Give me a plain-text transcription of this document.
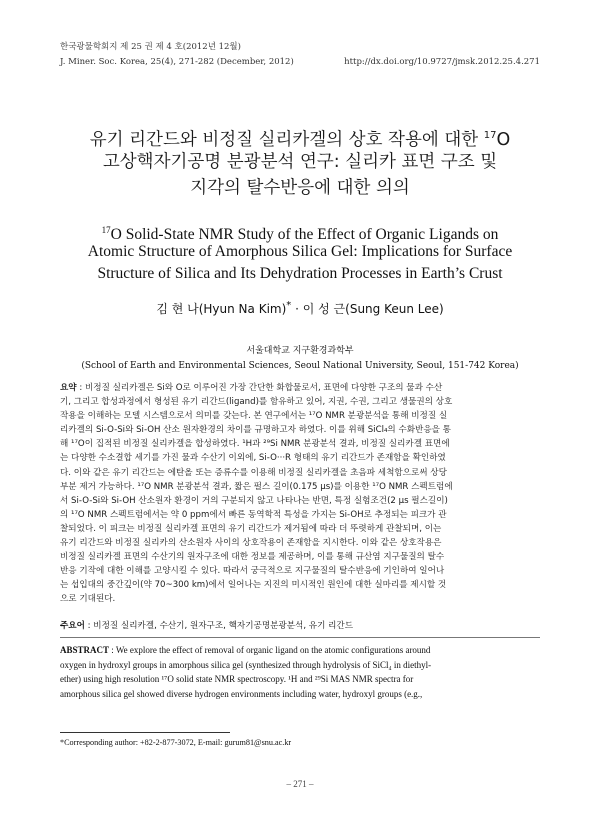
한국광물학회지 제 25 권 제 4 호(2012년 12월)
J. Miner. Soc. Korea, 25(4), 271-282 (December, 2012)	http://dx.doi.org/10.9727/jmsk.2012.25.4.271
유기 리간드와 비정질 실리카겔의 상호 작용에 대한 $^{17}$O
고상핵자기공명 분광분석 연구: 실리카 표면 구조 및
지각의 탈수반응에 대한 의의
$^{17}$O Solid-State NMR Study of the Effect of Organic Ligands on
Atomic Structure of Amorphous Silica Gel: Implications for Surface
Structure of Silica and Its Dehydration Processes in Earth’s Crust
김 현 나(Hyun Na Kim)* · 이 성 근(Sung Keun Lee)
서울대학교 지구환경과학부
(School of Earth and Environmental Sciences, Seoul National University, Seoul, 151-742 Korea)
요약 : 비정질 실리카겔은 Si와 O로 이루어진 가장 간단한 화합물로서, 표면에 다양한 구조의 물과 수산
기, 그리고 합성과정에서 형성된 유기 리간드(ligand)를 함유하고 있어, 지권, 수권, 그리고 생물권의 상호
작용을 이해하는 모델 시스템으로서 의미를 갖는다. 본 연구에서는 ¹⁷O NMR 분광분석을 통해 비정질 실
리카겔의 Si-O-Si와 Si-OH 산소 원자환경의 차이를 규명하고자 하였다. 이를 위해 SiCl₄의 수화반응을 통
해 ¹⁷O이 집적된 비정질 실리카겔을 합성하였다. ¹H과 ²⁹Si NMR 분광분석 결과, 비정질 실리카겔 표면에
는 다양한 수소결합 세기를 가진 물과 수산기 이외에, Si-O···R 형태의 유기 리간드가 존재함을 확인하였
다. 이와 같은 유기 리간드는 에탄올 또는 증류수를 이용해 비정질 실리카겔을 초음파 세척함으로써 상당
부분 제거 가능하다. ¹⁷O NMR 분광분석 결과, 짧은 펄스 길이(0.175 μs)를 이용한 ¹⁷O NMR 스펙트럼에
서 Si-O-Si와 Si-OH 산소원자 환경이 거의 구분되지 않고 나타나는 반면, 특정 실험조건(2 μs 펄스길이)
의 ¹⁷O NMR 스펙트럼에서는 약 0 ppm에서 빠른 동역학적 특성을 가지는 Si-OH로 추정되는 피크가 관
찰되었다. 이 피크는 비정질 실리카겔 표면의 유기 리간드가 제거됨에 따라 더 뚜렷하게 관찰되며, 이는
유기 리간드와 비정질 실리카의 산소원자 사이의 상호작용이 존재함을 지시한다. 이와 같은 상호작용은
비정질 실리카겔 표면의 수산기의 원자구조에 대한 정보를 제공하며, 이를 통해 규산염 지구물질의 탈수
반응 기작에 대한 이해를 고양시킬 수 있다. 따라서 궁극적으로 지구물질의 탈수반응에 기인하여 일어나
는 섭입대의 중간깊이(약 70~300 km)에서 일어나는 지진의 미시적인 원인에 대한 실마리를 제시할 것
으로 기대된다.
주요어 : 비정질 실리카겔, 수산기, 원자구조, 핵자기공명분광분석, 유기 리간드
ABSTRACT : We explore the effect of removal of organic ligand on the atomic configurations around
oxygen in hydroxyl groups in amorphous silica gel (synthesized through hydrolysis of SiCl₄ in diethyl-
ether) using high resolution ¹⁷O solid state NMR spectroscopy. ¹H and ²⁹Si MAS NMR spectra for
amorphous silica gel showed diverse hydrogen environments including water, hydroxyl groups (e.g.,
*Corresponding author: +82-2-877-3072, E-mail: gurum81@snu.ac.kr
– 271 –
